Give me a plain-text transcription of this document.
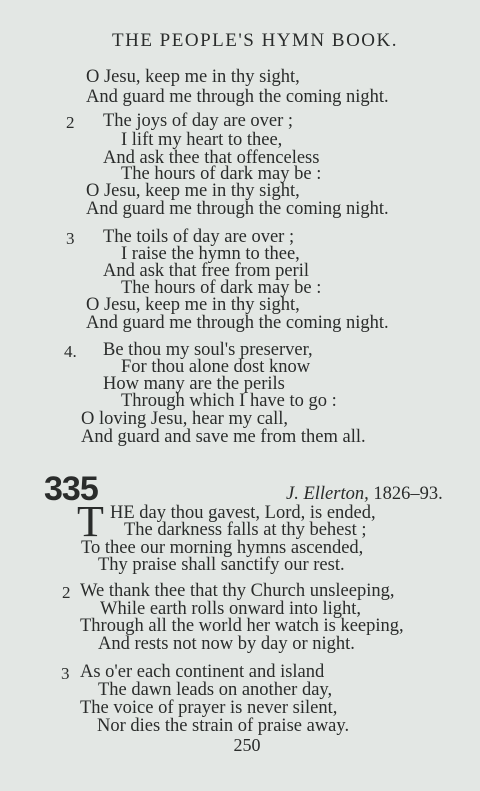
THE PEOPLE'S HYMN BOOK.
O Jesu, keep me in thy sight,
And guard me through the coming night.
2 The joys of day are over ;
I lift my heart to thee,
And ask thee that offenceless
The hours of dark may be :
O Jesu, keep me in thy sight,
And guard me through the coming night.
3 The toils of day are over ;
I raise the hymn to thee,
And ask that free from peril
The hours of dark may be :
O Jesu, keep me in thy sight,
And guard me through the coming night.
4. Be thou my soul's preserver,
For thou alone dost know
How many are the perils
Through which I have to go :
O loving Jesu, hear my call,
And guard and save me from them all.
335	J. Ellerton, 1826–93.
T HE day thou gavest, Lord, is ended,
The darkness falls at thy behest ;
To thee our morning hymns ascended,
Thy praise shall sanctify our rest.
2 We thank thee that thy Church unsleeping,
While earth rolls onward into light,
Through all the world her watch is keeping,
And rests not now by day or night.
3 As o'er each continent and island
The dawn leads on another day,
The voice of prayer is never silent,
Nor dies the strain of praise away.
250
